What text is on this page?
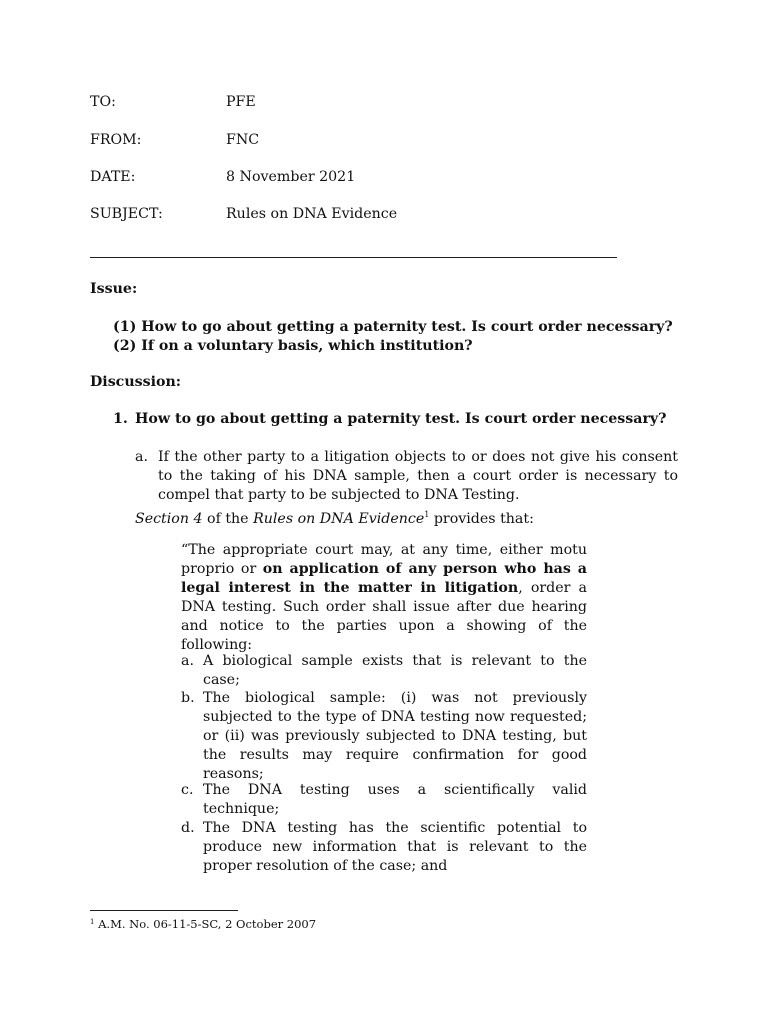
TO:	PFE
FROM:	FNC
DATE:	8 November 2021
SUBJECT:	Rules on DNA Evidence
Issue:
(1) How to go about getting a paternity test. Is court order necessary?
(2) If on a voluntary basis, which institution?
Discussion:
1. How to go about getting a paternity test. Is court order necessary?
a. If the other party to a litigation objects to or does not give his consent to the taking of his DNA sample, then a court order is necessary to compel that party to be subjected to DNA Testing.
Section 4 of the Rules on DNA Evidence$^1$ provides that:
“The appropriate court may, at any time, either motu proprio or on application of any person who has a legal interest in the matter in litigation, order a DNA testing. Such order shall issue after due hearing and notice to the parties upon a showing of the following:
a. A biological sample exists that is relevant to the case;
b. The biological sample: (i) was not previously subjected to the type of DNA testing now requested; or (ii) was previously subjected to DNA testing, but the results may require confirmation for good reasons;
c. The DNA testing uses a scientifically valid technique;
d. The DNA testing has the scientific potential to produce new information that is relevant to the proper resolution of the case; and
$^1$ A.M. No. 06-11-5-SC, 2 October 2007
